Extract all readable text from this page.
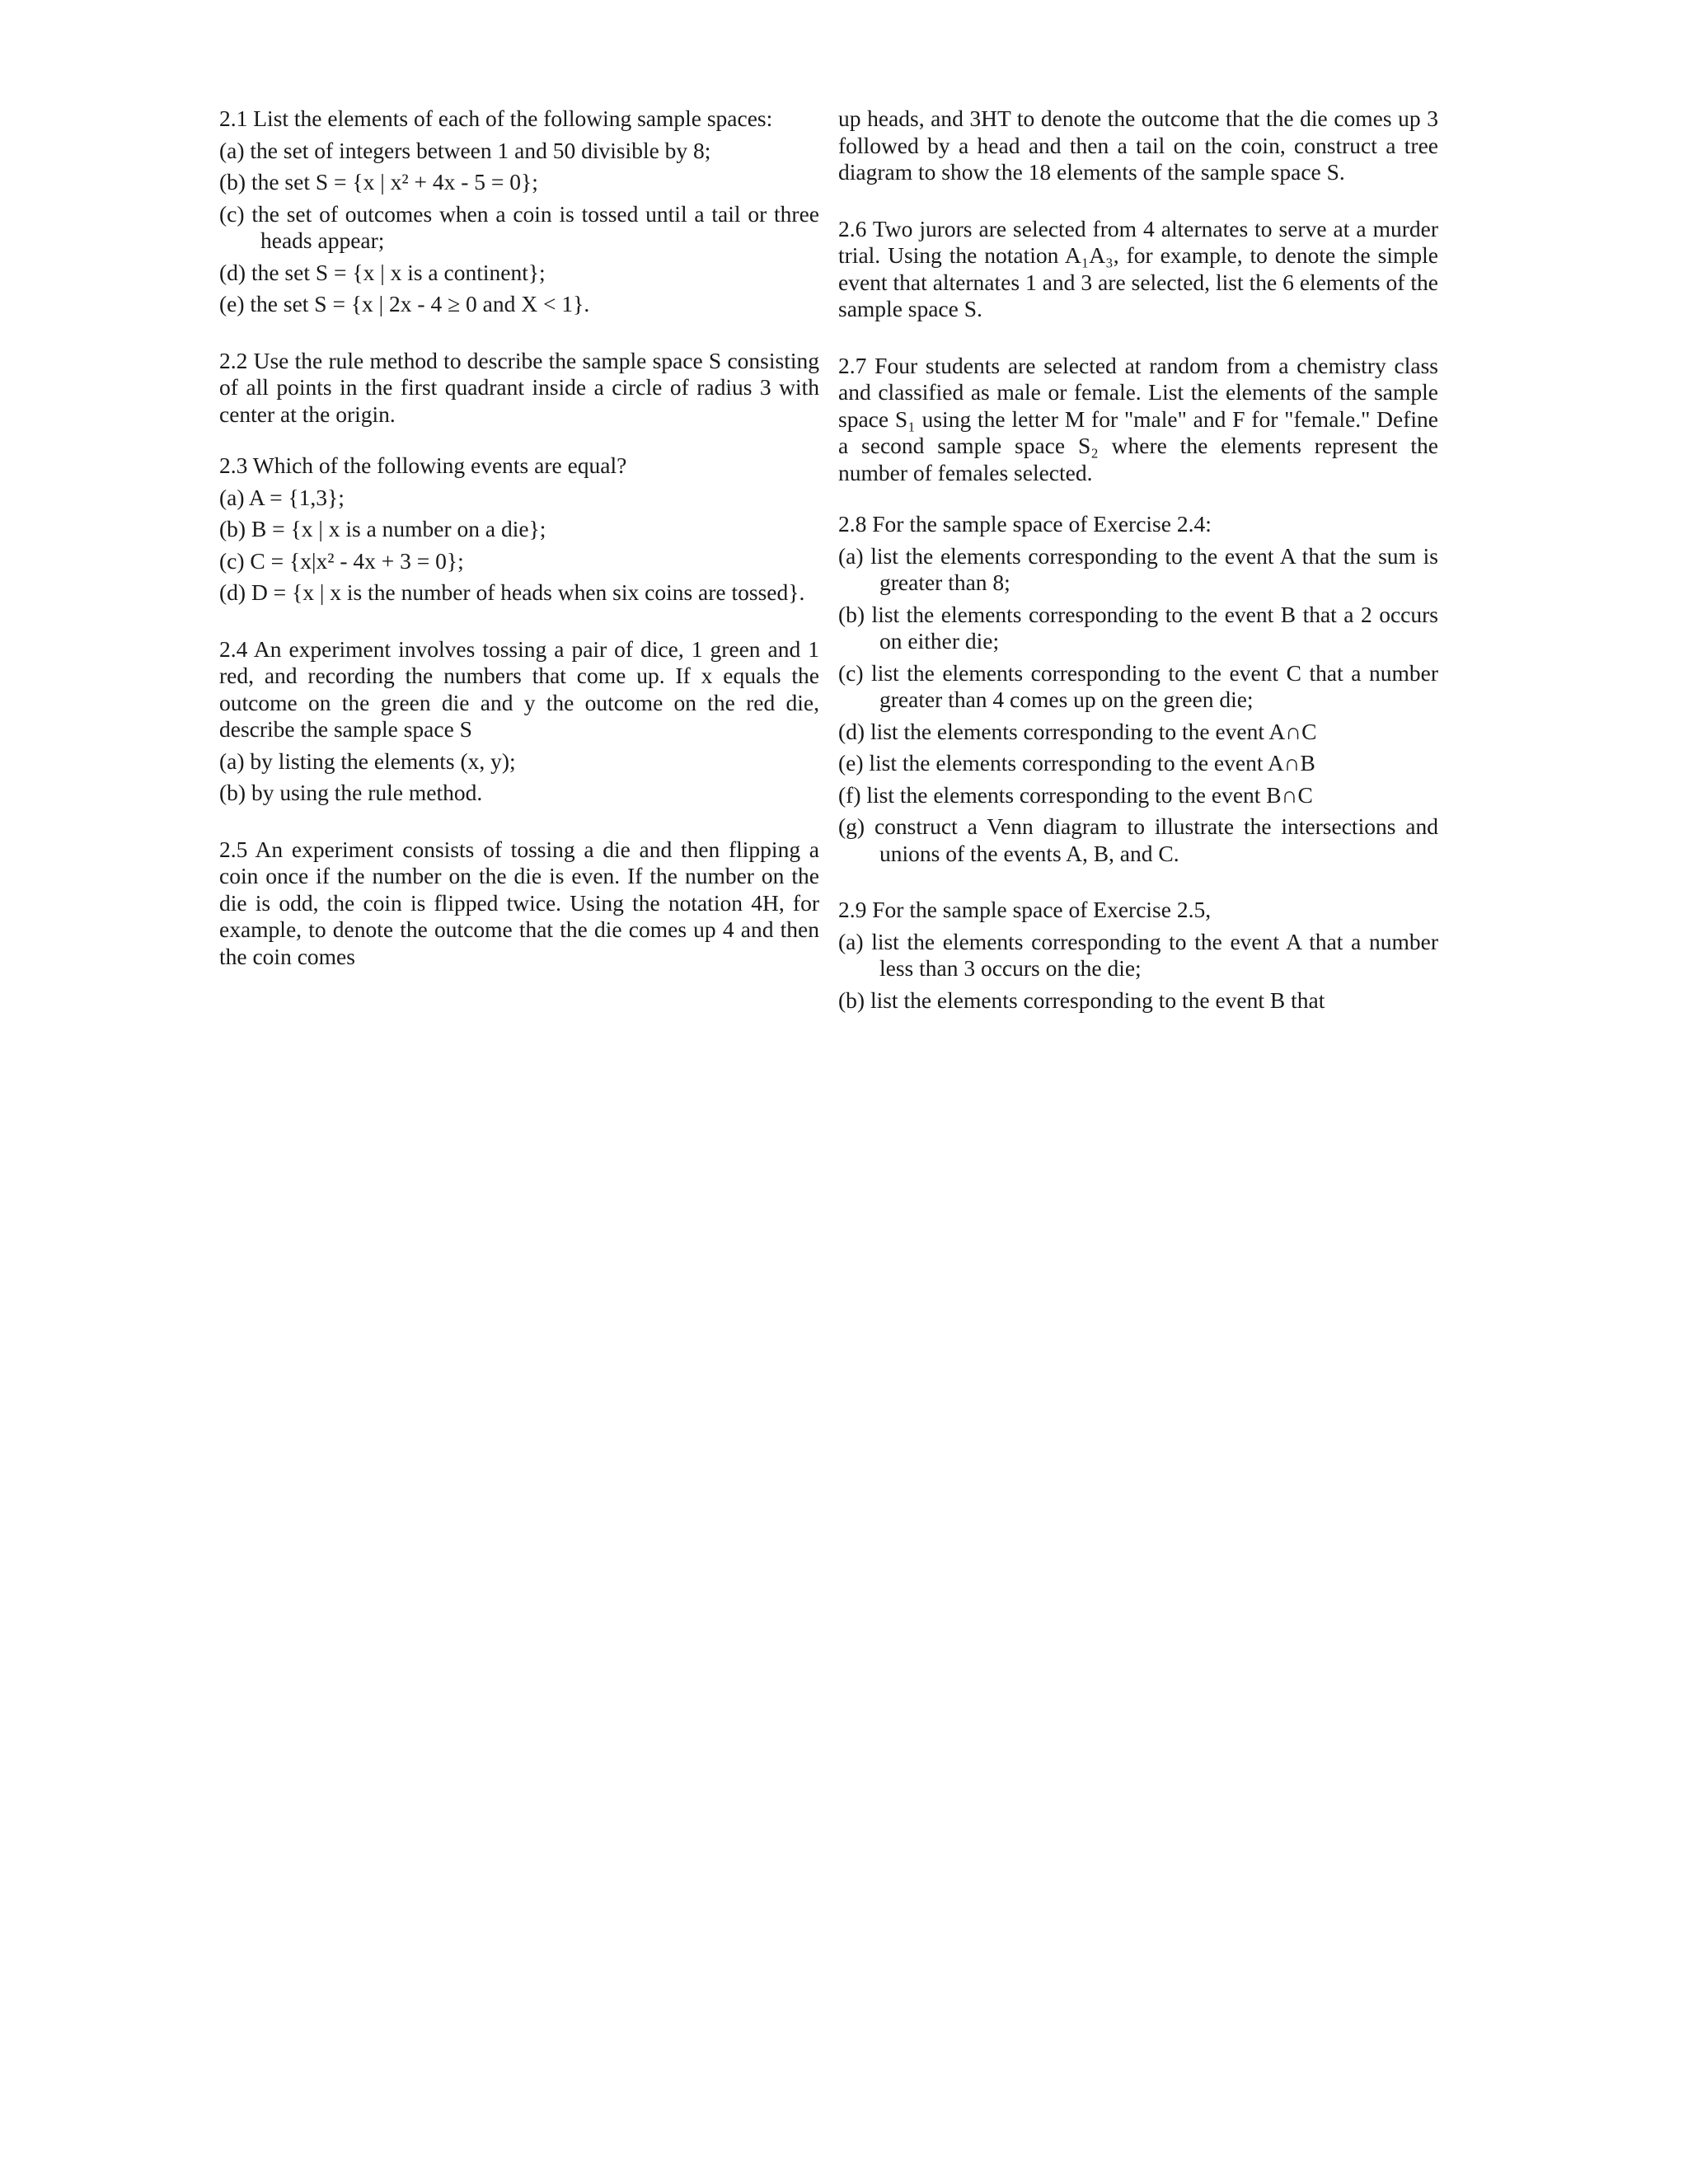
2.1 List the elements of each of the following sample spaces:

(a) the set of integers between 1 and 50 divisible by 8;

(b) the set S = {x | x² + 4x - 5 = 0};

(c) the set of outcomes when a coin is tossed until a tail or three heads appear;

(d) the set S = {x | x is a continent};

(e) the set S = {x | 2x - 4 ≥ 0 and X < 1}.

2.2 Use the rule method to describe the sample space S consisting of all points in the first quadrant inside a circle of radius 3 with center at the origin.

2.3 Which of the following events are equal?

(a) A = {1,3};

(b) B = {x | x is a number on a die};

(c) C = {x|x² - 4x + 3 = 0};

(d) D = {x | x is the number of heads when six coins are tossed}.

2.4 An experiment involves tossing a pair of dice, 1 green and 1 red, and recording the numbers that come up. If x equals the outcome on the green die and y the outcome on the red die, describe the sample space S

(a) by listing the elements (x, y);

(b) by using the rule method.

2.5 An experiment consists of tossing a die and then flipping a coin once if the number on the die is even. If the number on the die is odd, the coin is flipped twice. Using the notation 4H, for example, to denote the outcome that the die comes up 4 and then the coin comes

up heads, and 3HT to denote the outcome that the die comes up 3 followed by a head and then a tail on the coin, construct a tree diagram to show the 18 elements of the sample space S.

2.6 Two jurors are selected from 4 alternates to serve at a murder trial. Using the notation A₁A₃, for example, to denote the simple event that alternates 1 and 3 are selected, list the 6 elements of the sample space S.

2.7 Four students are selected at random from a chemistry class and classified as male or female. List the elements of the sample space S₁ using the letter M for "male" and F for "female." Define a second sample space S₂ where the elements represent the number of females selected.

2.8 For the sample space of Exercise 2.4:

(a) list the elements corresponding to the event A that the sum is greater than 8;

(b) list the elements corresponding to the event B that a 2 occurs on either die;

(c) list the elements corresponding to the event C that a number greater than 4 comes up on the green die;

(d) list the elements corresponding to the event A∩C

(e) list the elements corresponding to the event A∩B

(f) list the elements corresponding to the event B∩C

(g) construct a Venn diagram to illustrate the intersections and unions of the events A, B, and C.

2.9 For the sample space of Exercise 2.5,

(a) list the elements corresponding to the event A that a number less than 3 occurs on the die;

(b) list the elements corresponding to the event B that
